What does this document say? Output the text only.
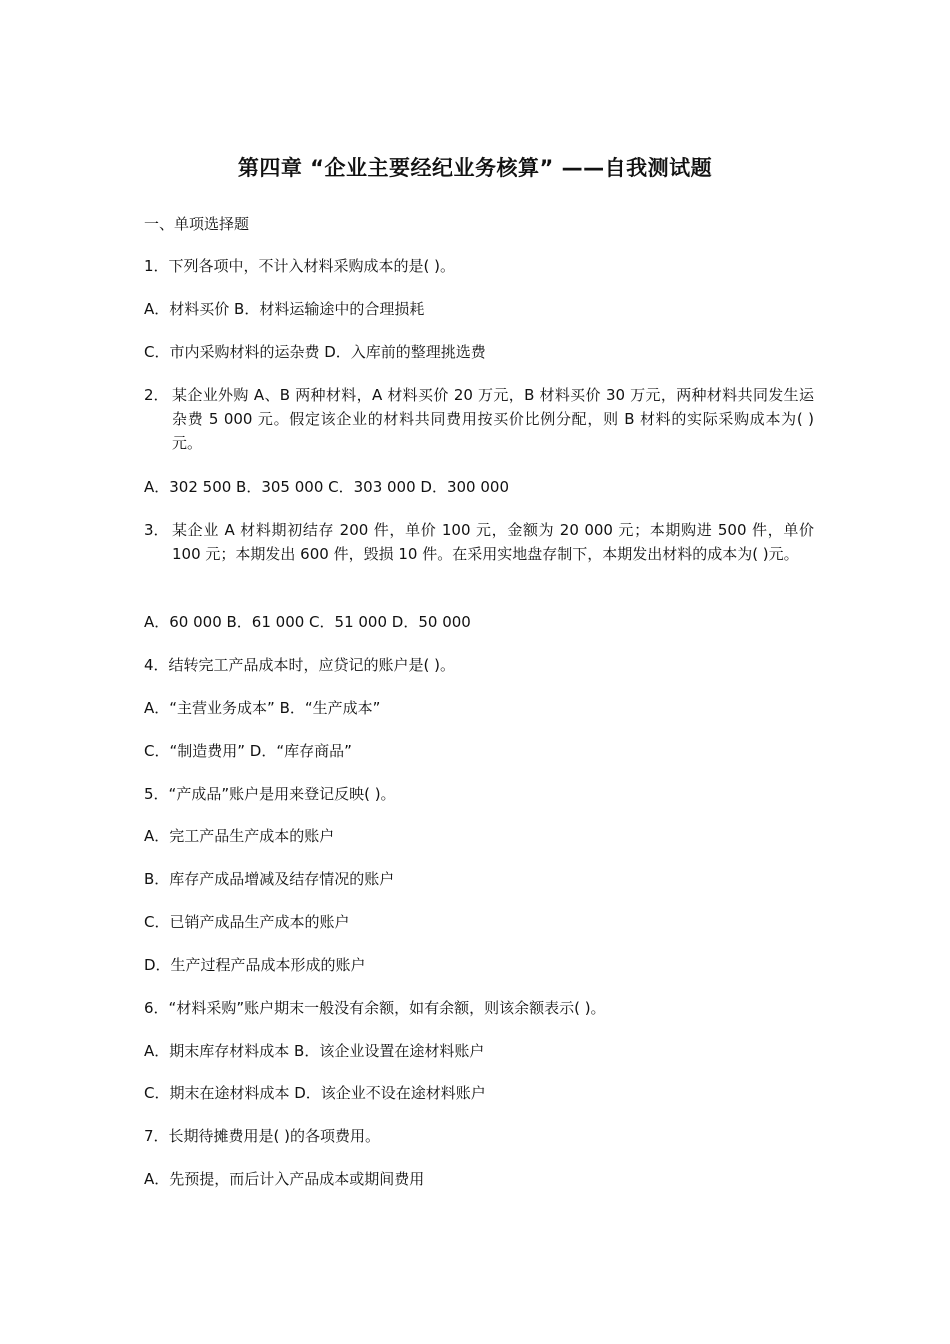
第四章 “企业主要经纪业务核算” ——自我测试题
一、单项选择题
1．下列各项中，不计入材料采购成本的是( )。
A．材料买价 B．材料运输途中的合理损耗
C．市内采购材料的运杂费 D．入库前的整理挑选费
2． 某企业外购 A、B 两种材料，A 材料买价 20 万元，B 材料买价 30 万元，两种材料共同发生运杂费 5 000 元。假定该企业的材料共同费用按买价比例分配，则 B 材料的实际采购成本为( )元。
A．302 500 B．305 000 C．303 000 D．300 000
3． 某企业 A 材料期初结存 200 件，单价 100 元，金额为 20 000 元；本期购进 500 件，单价 100 元；本期发出 600 件，毁损 10 件。在采用实地盘存制下，本期发出材料的成本为( )元。
A．60 000 B．61 000 C．51 000 D．50 000
4．结转完工产品成本时，应贷记的账户是( )。
A．“主营业务成本” B．“生产成本”
C．“制造费用” D．“库存商品”
5．“产成品”账户是用来登记反映( )。
A．完工产品生产成本的账户
B．库存产成品增减及结存情况的账户
C．已销产成品生产成本的账户
D．生产过程产品成本形成的账户
6．“材料采购”账户期末一般没有余额，如有余额，则该余额表示( )。
A．期末库存材料成本 B．该企业设置在途材料账户
C．期末在途材料成本 D．该企业不设在途材料账户
7．长期待摊费用是( )的各项费用。
A．先预提，而后计入产品成本或期间费用
